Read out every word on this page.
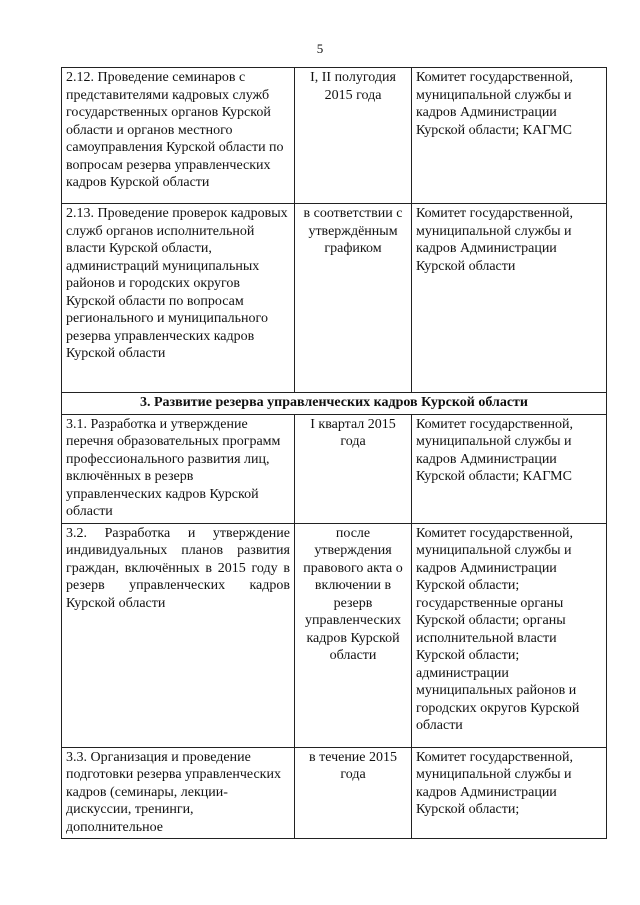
5
2.12. Проведение семинаров с представителями кадровых служб государственных органов Курской области и органов местного самоуправления Курской области по вопросам резерва управленческих кадров Курской области	I, II полугодия 2015 года	Комитет государственной, муниципальной службы и кадров Администрации Курской области; КАГМС
2.13. Проведение проверок кадровых служб органов исполнительной власти Курской области, администраций муниципальных районов и городских округов Курской области по вопросам регионального и муниципального резерва управленческих кадров Курской области	в соответствии с утверждённым графиком	Комитет государственной, муниципальной службы и кадров Администрации Курской области
3. Развитие резерва управленческих кадров Курской области		
3.1. Разработка и утверждение перечня образовательных программ профессионального развития лиц, включённых в резерв управленческих кадров Курской области	I квартал 2015 года	Комитет государственной, муниципальной службы и кадров Администрации Курской области; КАГМС
3.2. Разработка и утверждение индивидуальных планов развития граждан, включённых в 2015 году в резерв управленческих кадров Курской области	после утверждения правового акта о включении в резерв управленческих кадров Курской области	Комитет государственной, муниципальной службы и кадров Администрации Курской области; государственные органы Курской области; органы исполнительной власти Курской области; администрации муниципальных районов и городских округов Курской области
3.3. Организация и проведение подготовки резерва управленческих кадров (семинары, лекции-дискуссии, тренинги, дополнительное	в течение 2015 года	Комитет государственной, муниципальной службы и кадров Администрации Курской области;
